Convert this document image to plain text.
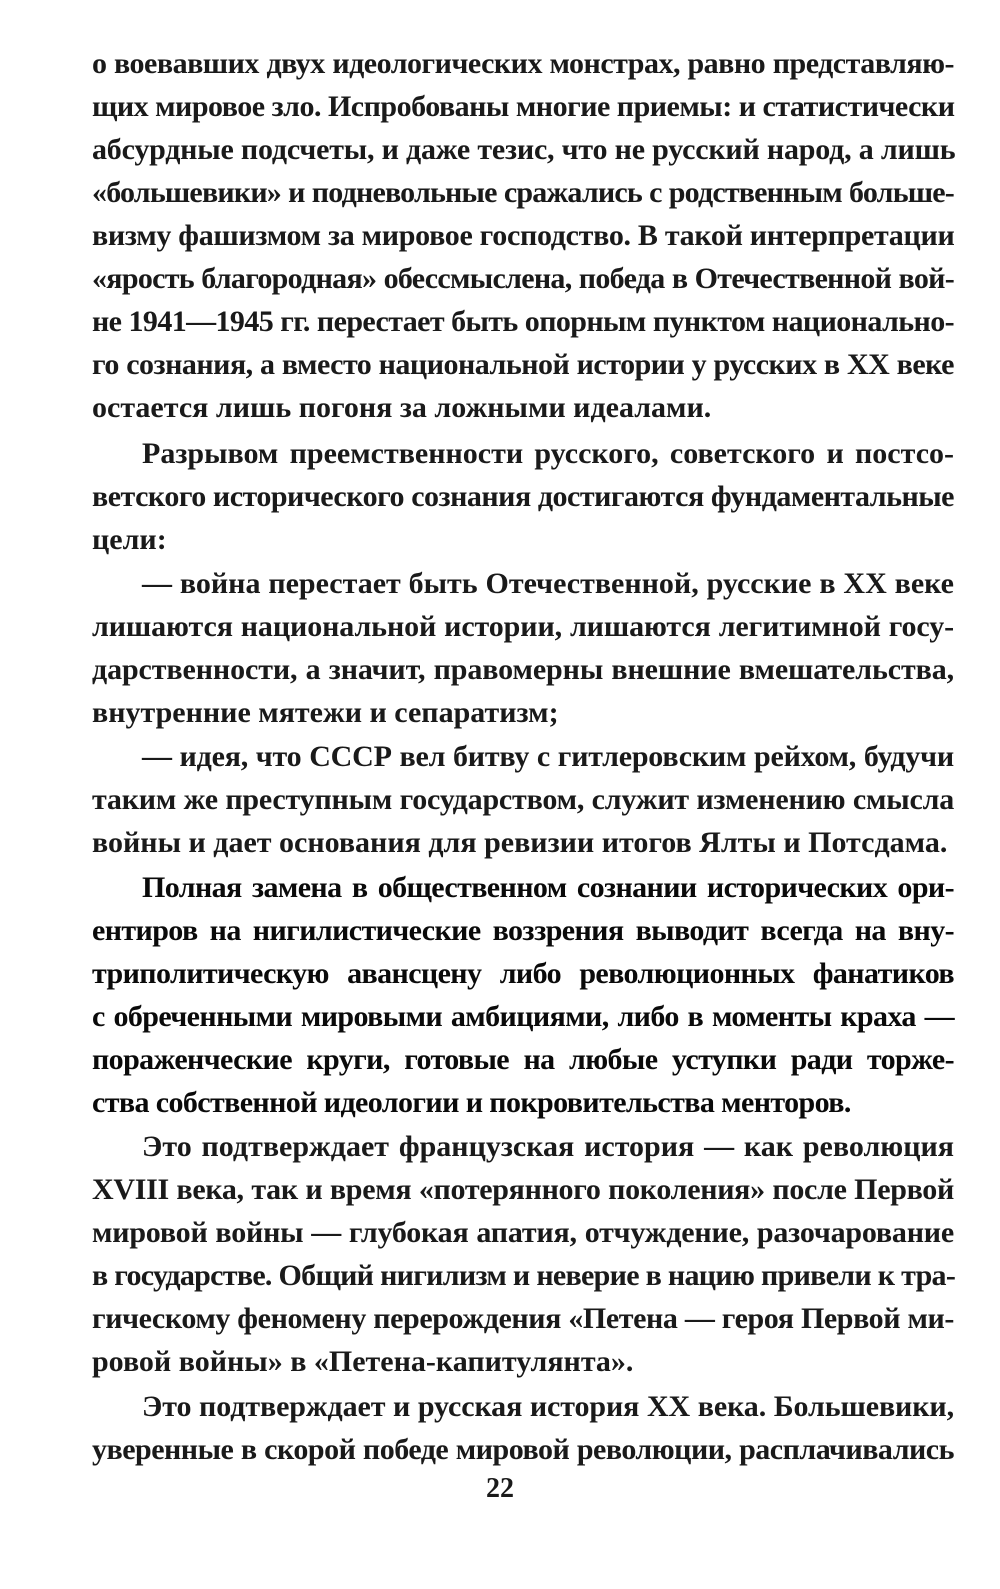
о воевавших двух идеологических монстрах, равно представляю-
щих мировое зло. Испробованы многие приемы: и статистически
абсурдные подсчеты, и даже тезис, что не русский народ, а лишь
«большевики» и подневольные сражались с родственным больше-
визму фашизмом за мировое господство. В такой интерпретации
«ярость благородная» обессмыслена, победа в Отечественной вой-
не 1941—1945 гг. перестает быть опорным пунктом национально-
го сознания, а вместо национальной истории у русских в XX веке
остается лишь погоня за ложными идеалами.
Разрывом преемственности русского, советского и постсо-
ветского исторического сознания достигаются фундаментальные
цели:
— война перестает быть Отечественной, русские в XX веке
лишаются национальной истории, лишаются легитимной госу-
дарственности, а значит, правомерны внешние вмешательства,
внутренние мятежи и сепаратизм;
— идея, что СССР вел битву с гитлеровским рейхом, будучи
таким же преступным государством, служит изменению смысла
войны и дает основания для ревизии итогов Ялты и Потсдама.
Полная замена в общественном сознании исторических ори-
ентиров на нигилистические воззрения выводит всегда на вну-
триполитическую авансцену либо революционных фанатиков
с обреченными мировыми амбициями, либо в моменты краха —
пораженческие круги, готовые на любые уступки ради торже-
ства собственной идеологии и покровительства менторов.
Это подтверждает французская история — как революция
XVIII века, так и время «потерянного поколения» после Первой
мировой войны — глубокая апатия, отчуждение, разочарование
в государстве. Общий нигилизм и неверие в нацию привели к тра-
гическому феномену перерождения «Петена — героя Первой ми-
ровой войны» в «Петена-капитулянта».
Это подтверждает и русская история XX века. Большевики,
уверенные в скорой победе мировой революции, расплачивались
22
